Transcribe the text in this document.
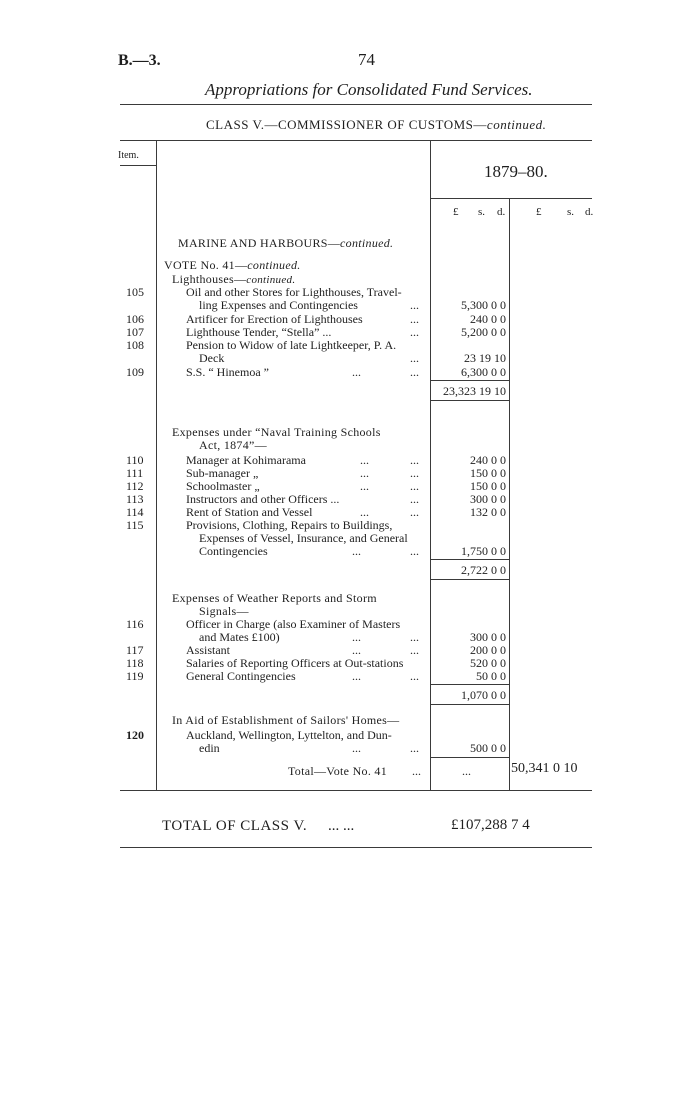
B.—3.	74
Appropriations for Consolidated Fund Services.
CLASS V.—COMMISSIONER OF CUSTOMS—continued.
Item.
1879–80.
£ s. d.	£ s. d.
MARINE AND HARBOURS—continued.
VOTE No. 41—continued.
Lighthouses—continued.
105	Oil and other Stores for Lighthouses, Travel-
ling Expenses and Contingencies	...	5,300 0 0
106	Artificer for Erection of Lighthouses	...	240 0 0
107	Lighthouse Tender, “Stella” ...	...	5,200 0 0
108	Pension to Widow of late Lightkeeper, P. A.
Deck	...	23 19 10
109	S.S. “ Hinemoa ”	...	...	6,300 0 0
23,323 19 10
Expenses under “Naval Training Schools
Act, 1874”—
110	Manager at Kohimarama	...	...	240 0 0
111	Sub-manager „	...	...	150 0 0
112	Schoolmaster „	...	...	150 0 0
113	Instructors and other Officers ...	...	300 0 0
114	Rent of Station and Vessel	...	...	132 0 0
115	Provisions, Clothing, Repairs to Buildings,
Expenses of Vessel, Insurance, and General
Contingencies	...	...	1,750 0 0
2,722 0 0
Expenses of Weather Reports and Storm
Signals—
116	Officer in Charge (also Examiner of Masters
and Mates £100)	...	...	300 0 0
117	Assistant	...	...	200 0 0
118	Salaries of Reporting Officers at Out-stations	520 0 0
119	General Contingencies	...	...	50 0 0
1,070 0 0
In Aid of Establishment of Sailors' Homes—
120	Auckland, Wellington, Lyttelton, and Dun-
edin	...	...	500 0 0
Total—Vote No. 41 ...	...	50,341 0 10
TOTAL OF CLASS V. ... ...	£107,288 7 4
